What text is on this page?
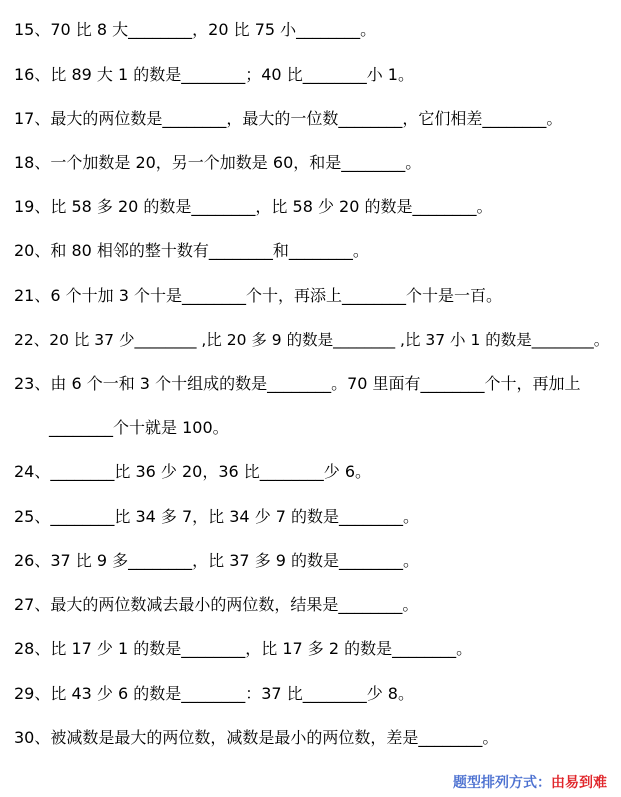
15、70 比 8 大________，20 比 75 小________。
16、比 89 大 1 的数是________；40 比________小 1。
17、最大的两位数是________，最大的一位数________，它们相差________。
18、一个加数是 20，另一个加数是 60，和是________。
19、比 58 多 20 的数是________，比 58 少 20 的数是________。
20、和 80 相邻的整十数有________和________。
21、6 个十加 3 个十是________个十，再添上________个十是一百。
22、20 比 37 少________ ,比 20 多 9 的数是________ ,比 37 小 1 的数是________。
23、由 6 个一和 3 个十组成的数是________。70 里面有________个十，再加上
________个十就是 100。
24、________比 36 少 20，36 比________少 6。
25、________比 34 多 7，比 34 少 7 的数是________。
26、37 比 9 多________，比 37 多 9 的数是________。
27、最大的两位数减去最小的两位数，结果是________。
28、比 17 少 1 的数是________，比 17 多 2 的数是________。
29、比 43 少 6 的数是________：37 比________少 8。
30、被减数是最大的两位数，减数是最小的两位数，差是________。
题型排列方式：由易到难
